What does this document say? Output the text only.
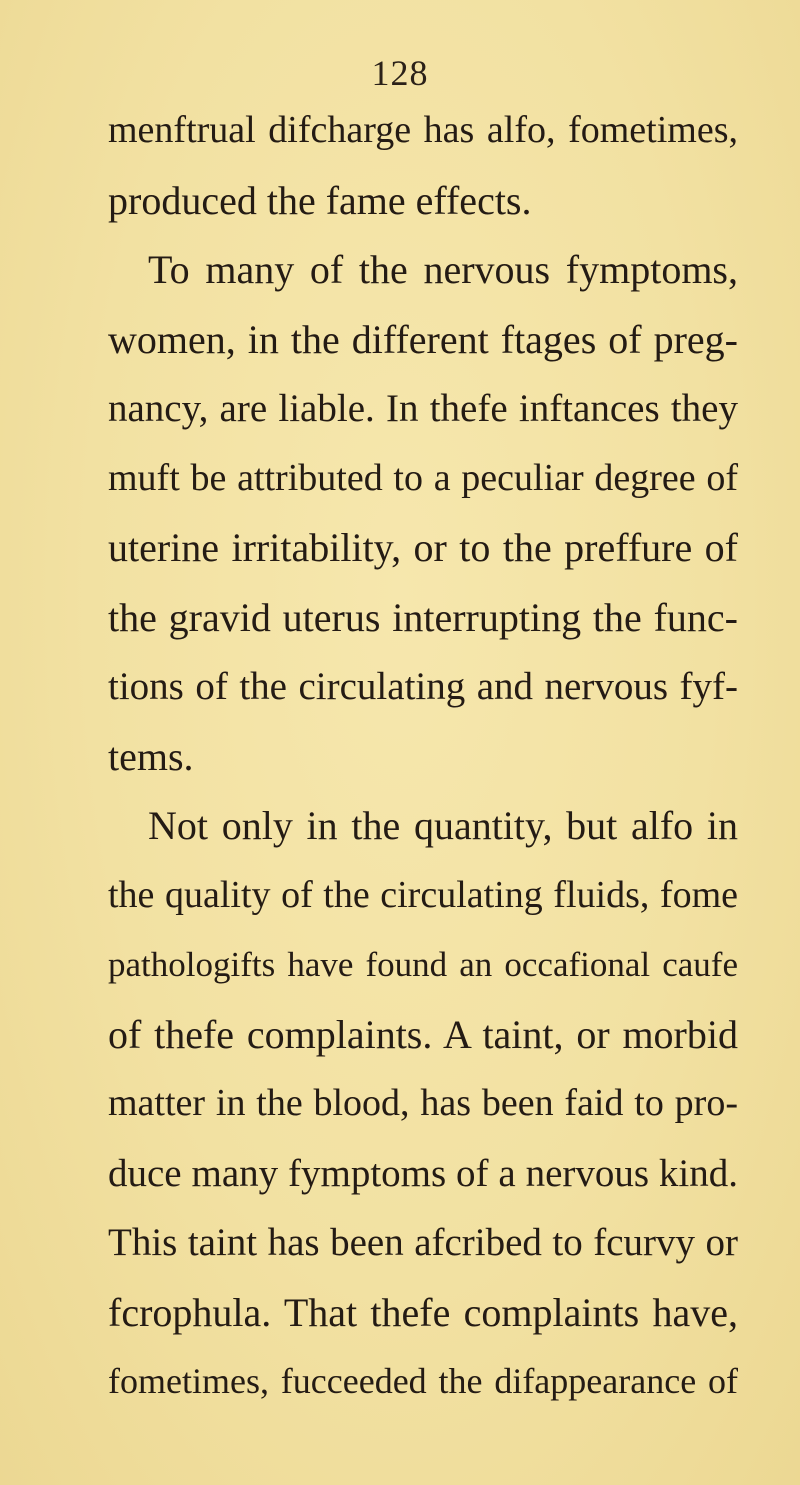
128
menftrual difcharge has alfo, fometimes,
produced the fame effects.
To many of the nervous fymptoms,
women, in the different ftages of preg-
nancy, are liable. In thefe inftances they
muft be attributed to a peculiar degree of
uterine irritability, or to the preffure of
the gravid uterus interrupting the func-
tions of the circulating and nervous fyf-
tems.
Not only in the quantity, but alfo in
the quality of the circulating fluids, fome
pathologifts have found an occafional caufe
of thefe complaints. A taint, or morbid
matter in the blood, has been faid to pro-
duce many fymptoms of a nervous kind.
This taint has been afcribed to fcurvy or
fcrophula. That thefe complaints have,
fometimes, fucceeded the difappearance of
